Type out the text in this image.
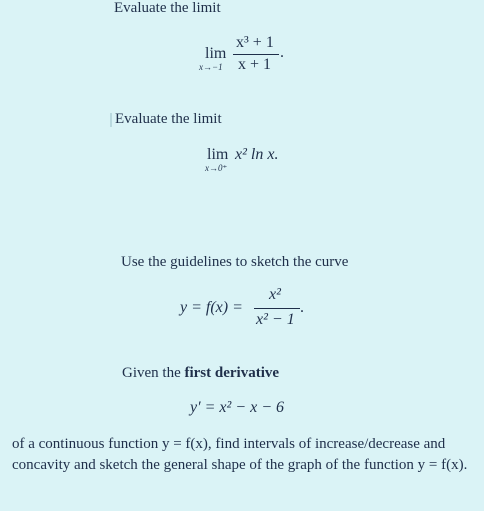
Evaluate the limit
lim
x→−1
x³ + 1
x + 1
.
Evaluate the limit
lim
x→0⁺
x² ln x.
Use the guidelines to sketch the curve
y = f(x) =
x²
x² − 1
.
Given the first derivative
y′ = x² − x − 6
of a continuous function y = f(x), find intervals of increase/decrease and concavity and sketch the general shape of the graph of the function y = f(x).
